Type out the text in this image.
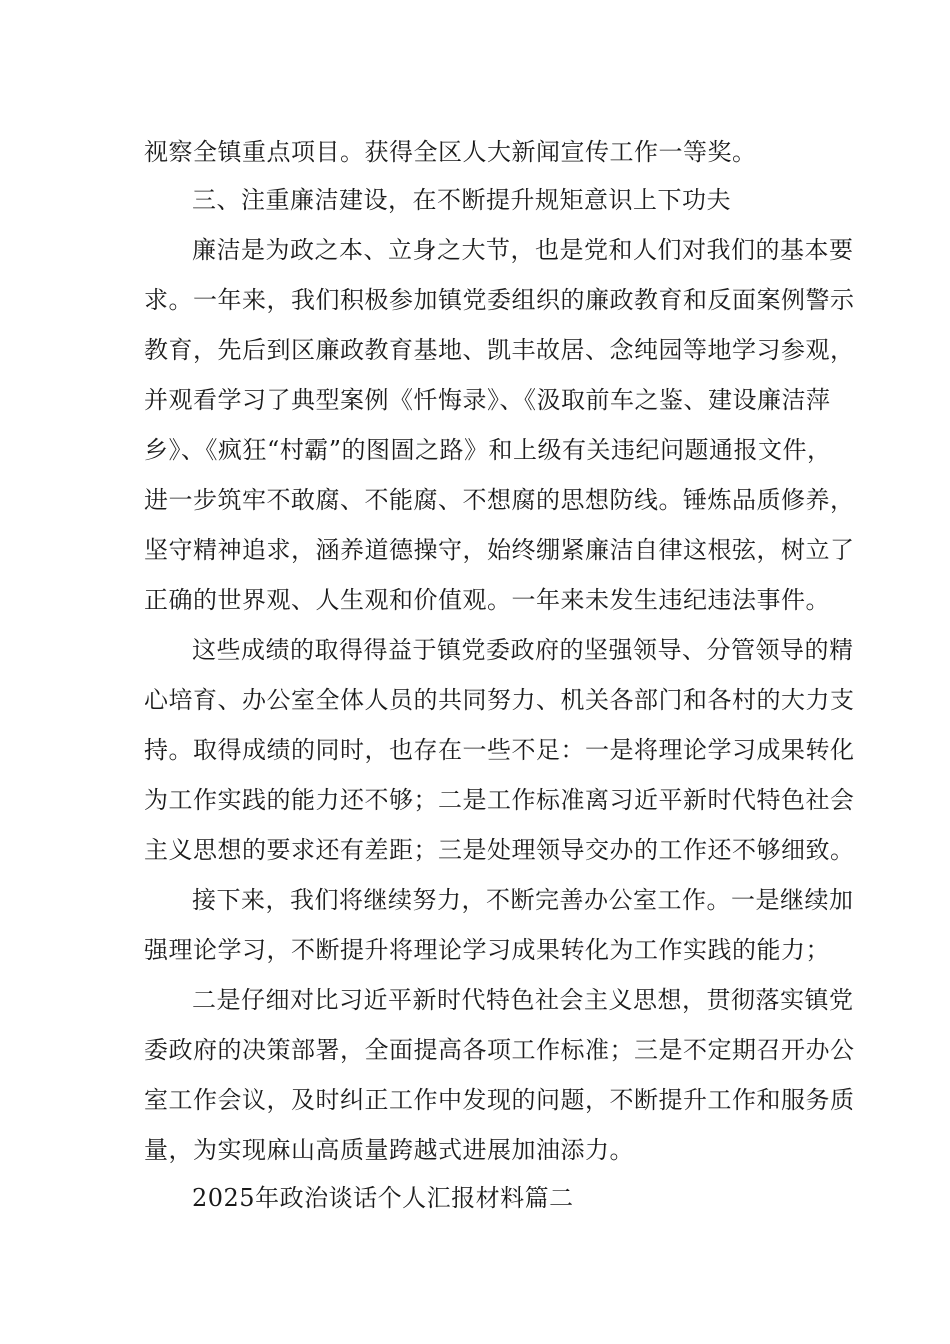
视察全镇重点项目。获得全区人大新闻宣传工作一等奖。
三、注重廉洁建设，在不断提升规矩意识上下功夫
廉洁是为政之本、立身之大节，也是党和人们对我们的基本要
求。一年来，我们积极参加镇党委组织的廉政教育和反面案例警示
教育，先后到区廉政教育基地、凯丰故居、念纯园等地学习参观，
并观看学习了典型案例《忏悔录》、《汲取前车之鉴、建设廉洁萍
乡》、《疯狂“村霸”的图圄之路》和上级有关违纪问题通报文件，
进一步筑牢不敢腐、不能腐、不想腐的思想防线。锤炼品质修养，
坚守精神追求，涵养道德操守，始终绷紧廉洁自律这根弦，树立了
正确的世界观、人生观和价值观。一年来未发生违纪违法事件。
这些成绩的取得得益于镇党委政府的坚强领导、分管领导的精
心培育、办公室全体人员的共同努力、机关各部门和各村的大力支
持。取得成绩的同时，也存在一些不足：一是将理论学习成果转化
为工作实践的能力还不够；二是工作标准离习近平新时代特色社会
主义思想的要求还有差距；三是处理领导交办的工作还不够细致。
接下来，我们将继续努力，不断完善办公室工作。一是继续加
强理论学习，不断提升将理论学习成果转化为工作实践的能力；
二是仔细对比习近平新时代特色社会主义思想，贯彻落实镇党
委政府的决策部署，全面提高各项工作标准；三是不定期召开办公
室工作会议，及时纠正工作中发现的问题，不断提升工作和服务质
量，为实现麻山高质量跨越式进展加油添力。
2025年政治谈话个人汇报材料篇二
